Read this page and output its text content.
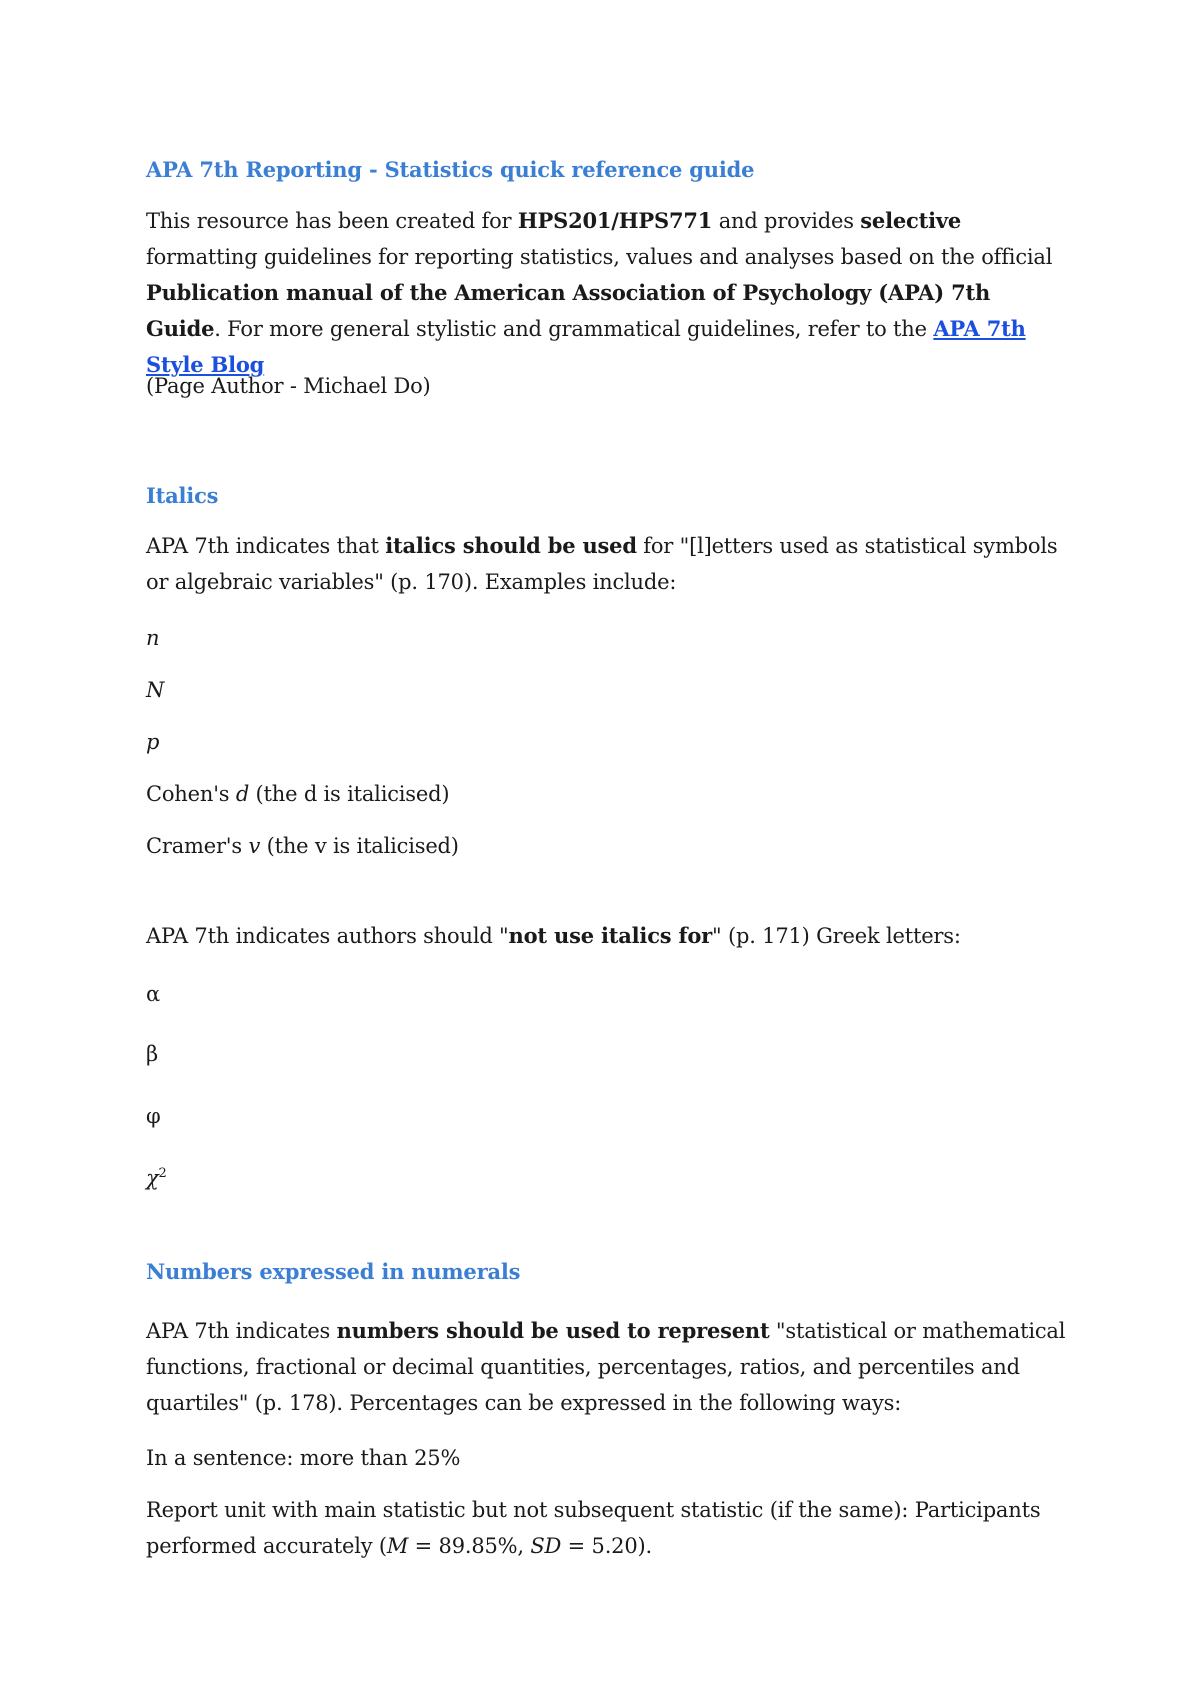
APA 7th Reporting - Statistics quick reference guide

This resource has been created for HPS201/HPS771 and provides selective formatting guidelines for reporting statistics, values and analyses based on the official Publication manual of the American Association of Psychology (APA) 7th Guide. For more general stylistic and grammatical guidelines, refer to the APA 7th Style Blog

(Page Author - Michael Do)

Italics

APA 7th indicates that italics should be used for "[l]etters used as statistical symbols or algebraic variables" (p. 170). Examples include:

n

N

p

Cohen's d (the d is italicised)

Cramer's v (the v is italicised)

APA 7th indicates authors should "not use italics for" (p. 171) Greek letters:

α

β

φ

$\chi^2$

Numbers expressed in numerals

APA 7th indicates numbers should be used to represent "statistical or mathematical functions, fractional or decimal quantities, percentages, ratios, and percentiles and quartiles" (p. 178). Percentages can be expressed in the following ways:

In a sentence: more than 25%

Report unit with main statistic but not subsequent statistic (if the same): Participants performed accurately (M = 89.85%, SD = 5.20).
